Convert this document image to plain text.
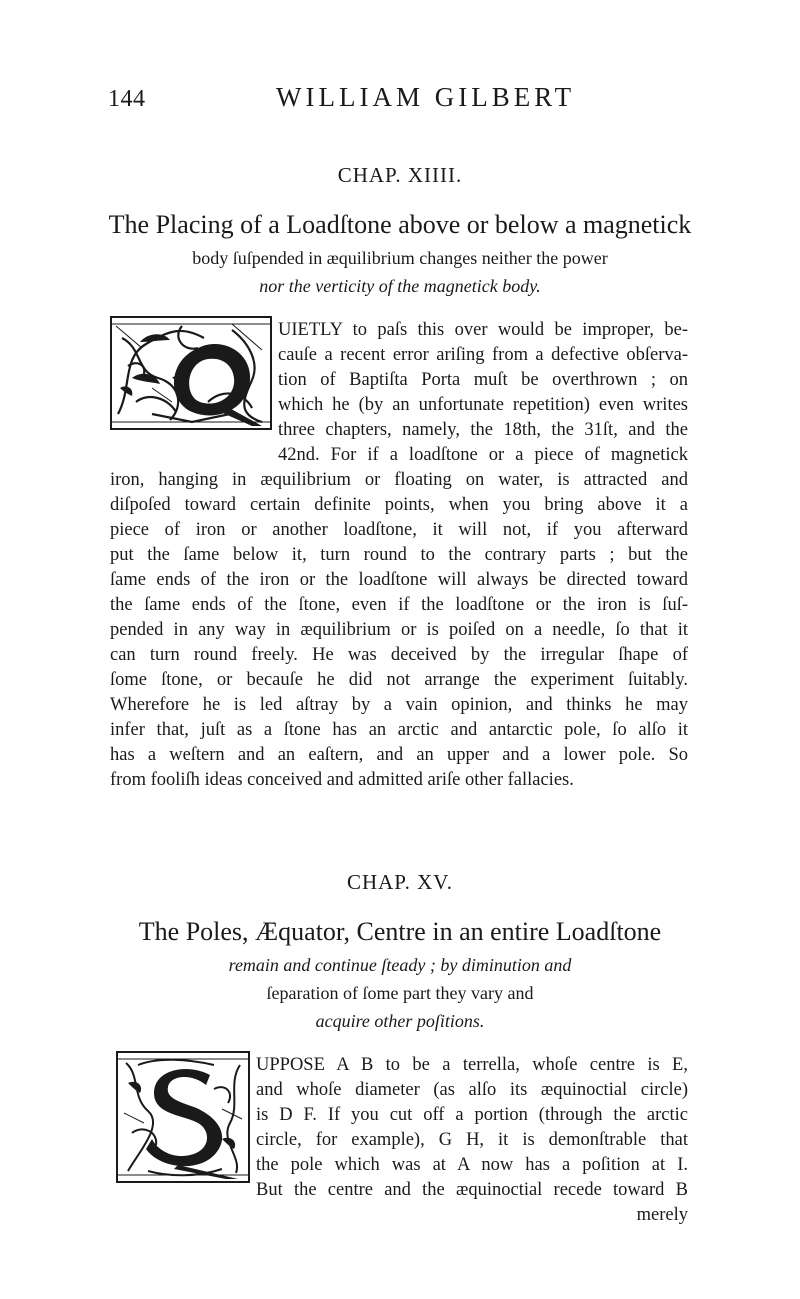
144	WILLIAM GILBERT
CHAP. XIIII.
The Placing of a Loadſtone above or below a magnetick
body ſuſpended in æquilibrium changes neither the power
nor the verticity of the magnetick body.
UIETLY to paſs this over would be improper, be-
cauſe a recent error ariſing from a defective obſerva-
tion of Baptiſta Porta muſt be overthrown ; on
which he (by an unfortunate repetition) even writes
three chapters, namely, the 18th, the 31ſt, and the
42nd. For if a loadſtone or a piece of magnetick
iron, hanging in æquilibrium or floating on water, is attracted and
diſpoſed toward certain definite points, when you bring above it a
piece of iron or another loadſtone, it will not, if you afterward
put the ſame below it, turn round to the contrary parts ; but the
ſame ends of the iron or the loadſtone will always be directed toward
the ſame ends of the ſtone, even if the loadſtone or the iron is ſuſ-
pended in any way in æquilibrium or is poiſed on a needle, ſo that it
can turn round freely. He was deceived by the irregular ſhape of
ſome ſtone, or becauſe he did not arrange the experiment ſuitably.
Wherefore he is led aſtray by a vain opinion, and thinks he may
infer that, juſt as a ſtone has an arctic and antarctic pole, ſo alſo it
has a weſtern and an eaſtern, and an upper and a lower pole. So
from fooliſh ideas conceived and admitted ariſe other fallacies.
CHAP. XV.
The Poles, Æquator, Centre in an entire Loadſtone
remain and continue ſteady ; by diminution and
ſeparation of ſome part they vary and
acquire other poſitions.
UPPOSE A B to be a terrella, whoſe centre is E,
and whoſe diameter (as alſo its æquinoctial circle)
is D F. If you cut off a portion (through the arctic
circle, for example), G H, it is demonſtrable that
the pole which was at A now has a poſition at I.
But the centre and the æquinoctial recede toward B
merely
